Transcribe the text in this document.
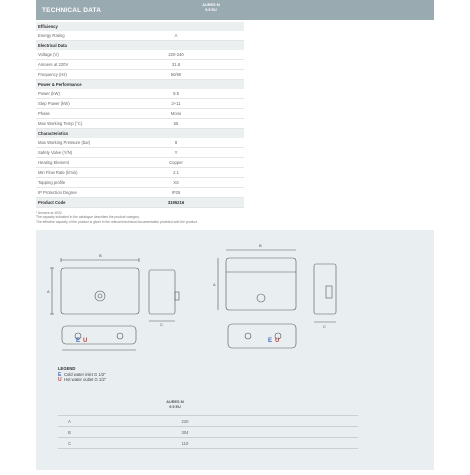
TECHNICAL DATA
AURES M
9.5 EU
Efficiency
Energy Rating	A
Electrical Data
Voltage (V)	220-240
Amoere at 220V	31.8
Frequency (Hz)	50/60
Power & Performance
Power (kW)	9.5
Step Power (kW)	2+11
Phase	Mono
Max Working Temp (°C)	55
Characteristics
Max Working Pressure (bar)	8
Safety Valve (Y/N)	Y
Heating Element	Copper
Min Flow Rate (l/min)	2.1
Tapping profile	XS
IP Protection Degree	IP25
Product Code	3195216
* Amoere at 400V
The capacity indicated in the catalogue describes the product category.
The effective capacity of the product is given in the relevant technical documentation provided with the product.
A
B
C
A
B
C
E U	E U
LEGEND
E Cold water inlet G 1/2"
U Hot water outlet G 1/2"
AURES M
9.5 EU
A	220
B	304
C	110
